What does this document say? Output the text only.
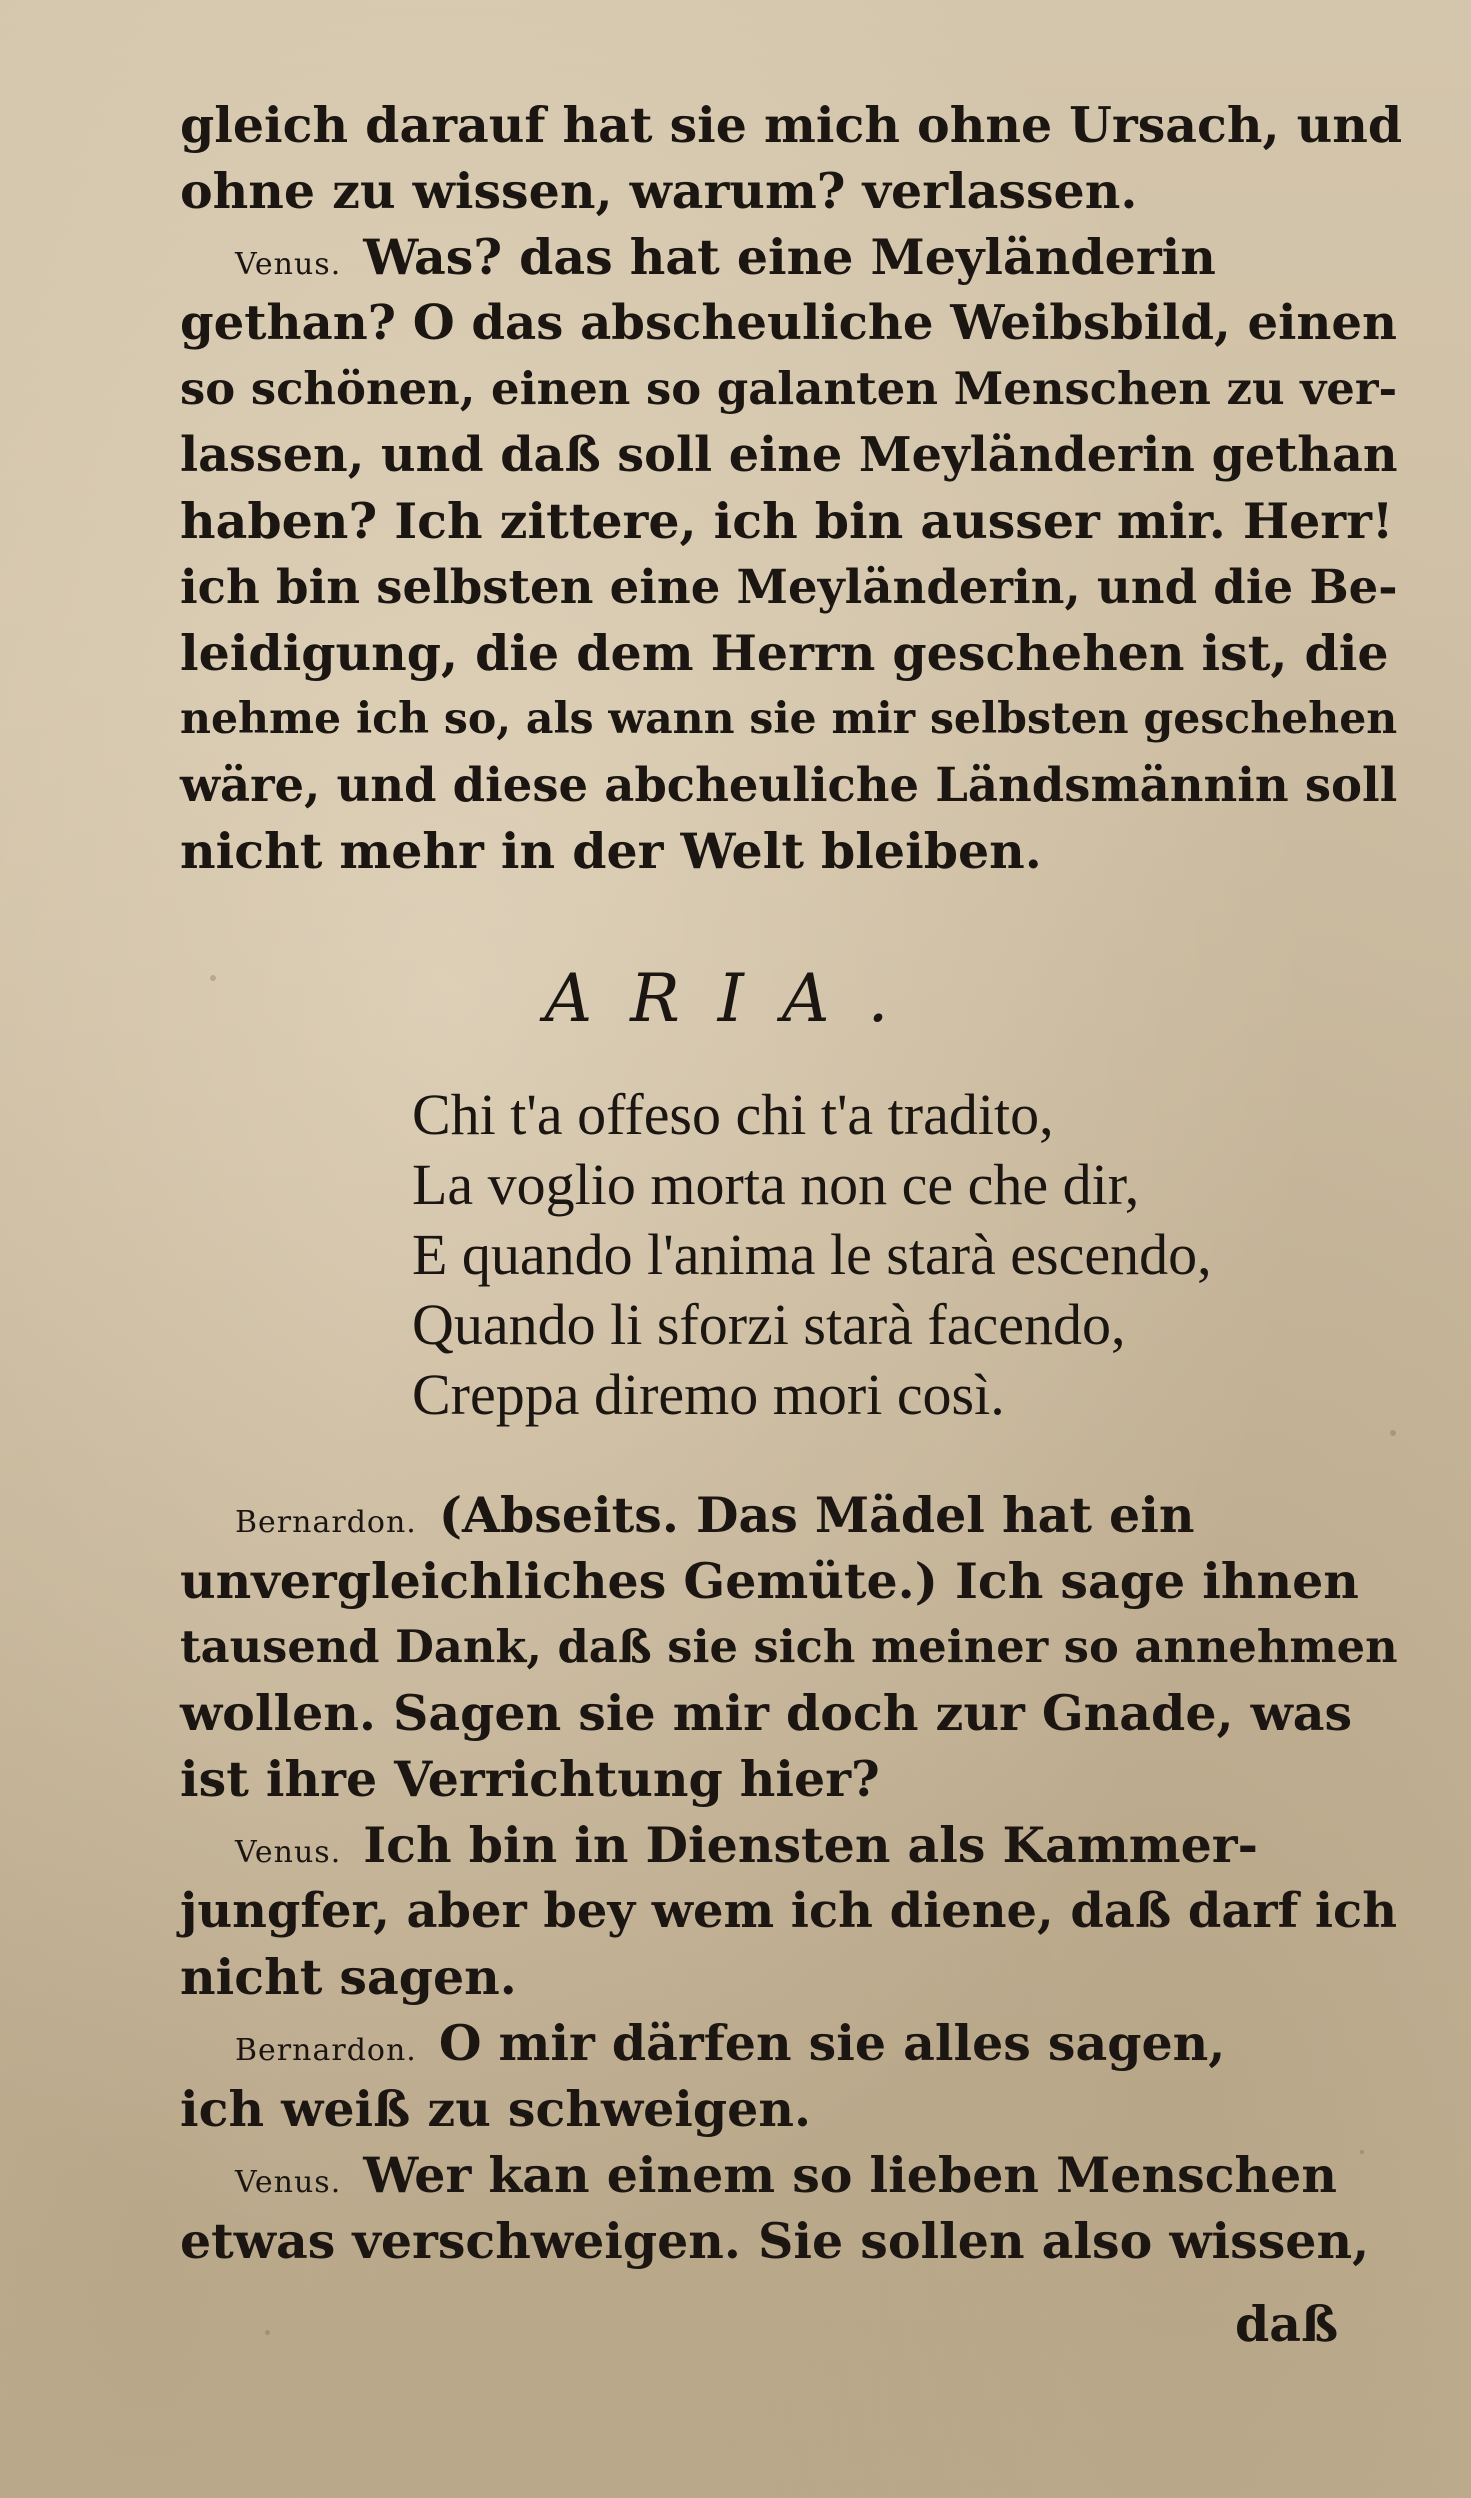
gleich darauf hat sie mich ohne Ursach, und
ohne zu wissen, warum? verlassen.
Venus. Was? das hat eine Meyländerin
gethan? O das abscheuliche Weibsbild, einen
so schönen, einen so galanten Menschen zu ver-
lassen, und daß soll eine Meyländerin gethan
haben? Ich zittere, ich bin ausser mir. Herr!
ich bin selbsten eine Meyländerin, und die Be-
leidigung, die dem Herrn geschehen ist, die
nehme ich so, als wann sie mir selbsten geschehen
wäre, und diese abcheuliche Ländsmännin soll
nicht mehr in der Welt bleiben.
ARIA.
Chi t'a offeso chi t'a tradito,
La voglio morta non ce che dir,
E quando l'anima le starà escendo,
Quando li sforzi starà facendo,
Creppa diremo mori così.
Bernardon. (Abseits. Das Mädel hat ein
unvergleichliches Gemüte.) Ich sage ihnen
tausend Dank, daß sie sich meiner so annehmen
wollen. Sagen sie mir doch zur Gnade, was
ist ihre Verrichtung hier?
Venus. Ich bin in Diensten als Kammer-
jungfer, aber bey wem ich diene, daß darf ich
nicht sagen.
Bernardon. O mir därfen sie alles sagen,
ich weiß zu schweigen.
Venus. Wer kan einem so lieben Menschen
etwas verschweigen. Sie sollen also wissen,
daß
